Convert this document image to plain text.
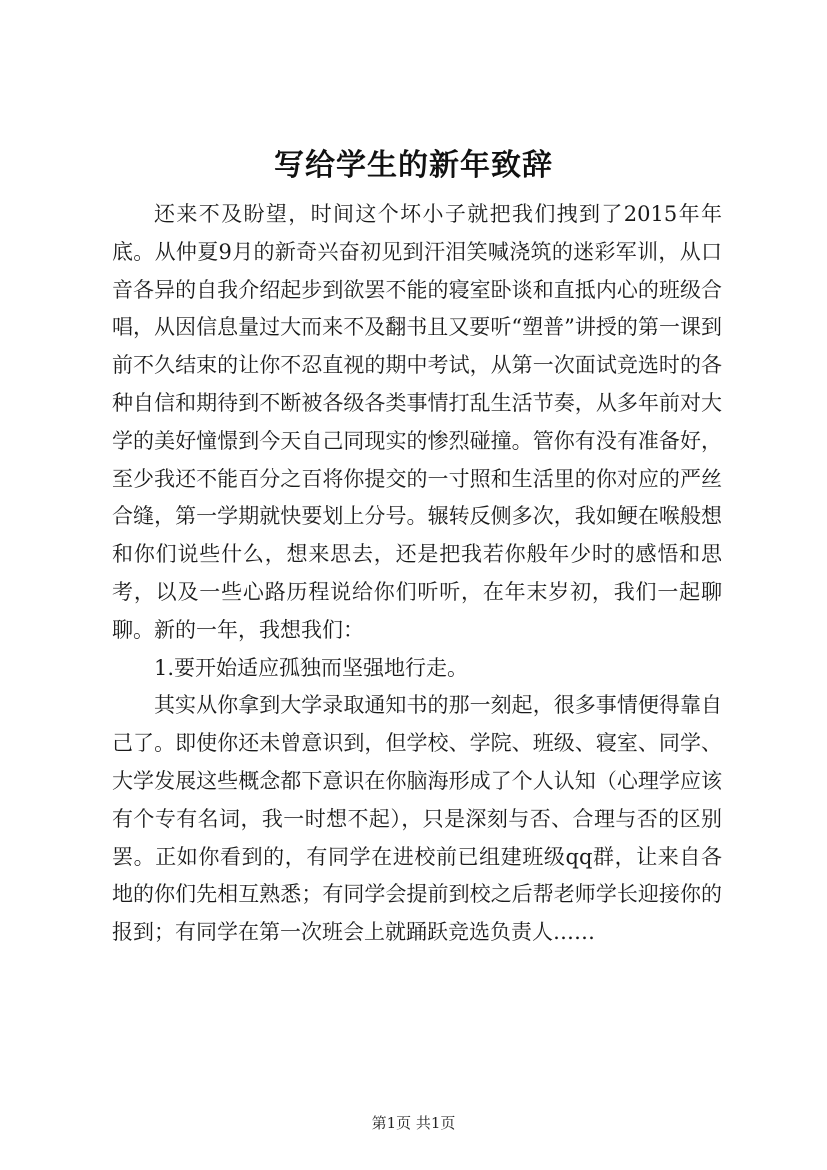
写给学生的新年致辞

还来不及盼望，时间这个坏小子就把我们拽到了2015年年底。从仲夏9月的新奇兴奋初见到汗泪笑喊浇筑的迷彩军训，从口音各异的自我介绍起步到欲罢不能的寝室卧谈和直抵内心的班级合唱，从因信息量过大而来不及翻书且又要听“塑普”讲授的第一课到前不久结束的让你不忍直视的期中考试，从第一次面试竞选时的各种自信和期待到不断被各级各类事情打乱生活节奏，从多年前对大学的美好憧憬到今天自己同现实的惨烈碰撞。管你有没有准备好，至少我还不能百分之百将你提交的一寸照和生活里的你对应的严丝合缝，第一学期就快要划上分号。辗转反侧多次，我如鲠在喉般想和你们说些什么，想来思去，还是把我若你般年少时的感悟和思考，以及一些心路历程说给你们听听，在年末岁初，我们一起聊聊。新的一年，我想我们：

1.要开始适应孤独而坚强地行走。

其实从你拿到大学录取通知书的那一刻起，很多事情便得靠自己了。即使你还未曾意识到，但学校、学院、班级、寝室、同学、大学发展这些概念都下意识在你脑海形成了个人认知（心理学应该有个专有名词，我一时想不起），只是深刻与否、合理与否的区别罢。正如你看到的，有同学在进校前已组建班级qq群，让来自各地的你们先相互熟悉；有同学会提前到校之后帮老师学长迎接你的报到；有同学在第一次班会上就踊跃竞选负责人……

第1页 共1页
